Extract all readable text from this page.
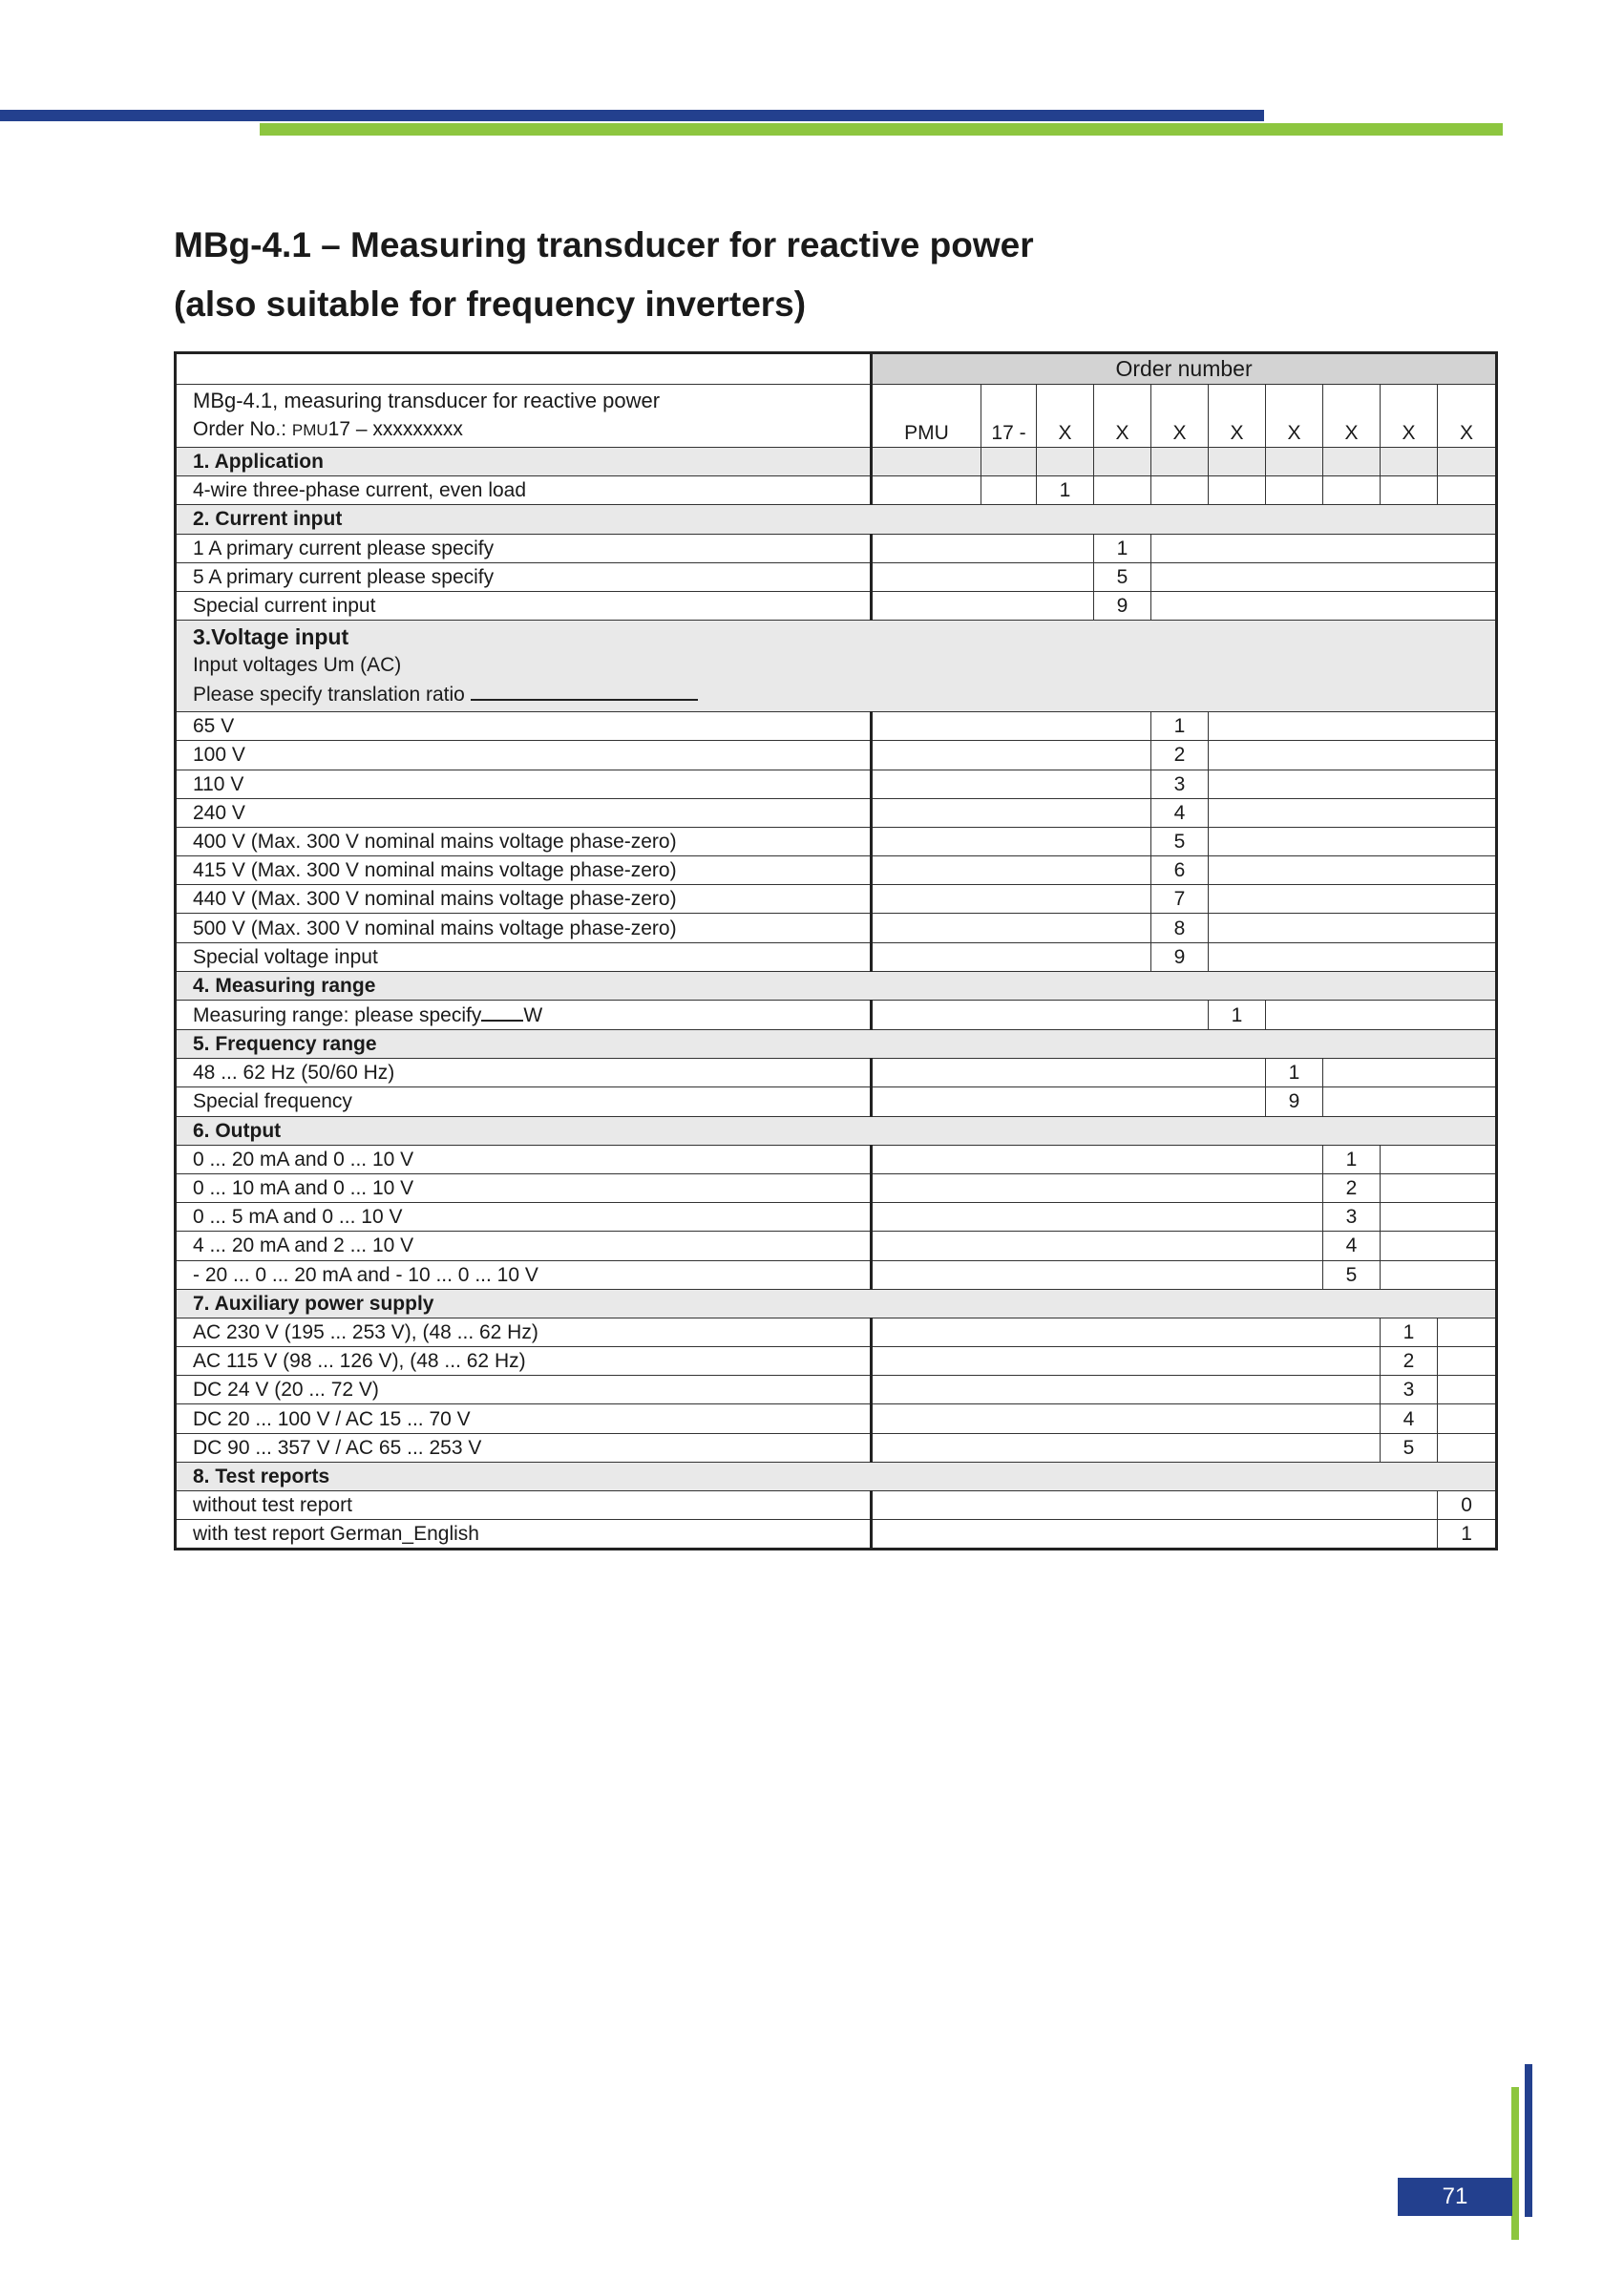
MBg-4.1 – Measuring transducer for reactive power
(also suitable for frequency inverters)
	Order number									

MBg-4.1, measuring transducer for reactive power
Order No.: PMU17 – xxxxxxxxx	PMU	17 -	X	X	X	X	X	X	X	X
1. Application										
4-wire three-phase current, even load			1							
2. Current input										
1 A primary current please specify				1						
5 A primary current please specify				5						
Special current input				9						

3.Voltage input
Input voltages Um (AC)
Please specify translation ratio										

65 V					1					
100 V					2					
110 V					3					
240 V					4					
400 V (Max. 300 V nominal mains voltage phase-zero)					5					
415 V (Max. 300 V nominal mains voltage phase-zero)					6					
440 V (Max. 300 V nominal mains voltage phase-zero)					7					
500 V (Max. 300 V nominal mains voltage phase-zero)					8					
Special voltage input					9					
4. Measuring range										
Measuring range: please specify W						1				
5. Frequency range										
48 ... 62 Hz (50/60 Hz)							1			
Special frequency							9			
6. Output										
0 ... 20 mA and 0 ... 10 V								1		
0 ... 10 mA and 0 ... 10 V								2		
0 ... 5 mA and 0 ... 10 V								3		
4 ... 20 mA and 2 ... 10 V								4		
- 20 ... 0 ... 20 mA and - 10 ... 0 ... 10 V								5		
7. Auxiliary power supply										
AC 230 V (195 ... 253 V), (48 ... 62 Hz)									1	
AC 115 V (98 ... 126 V), (48 ... 62 Hz)									2	
DC 24 V (20 ... 72 V)									3	
DC 20 ... 100 V / AC 15 ... 70 V									4	
DC 90 ... 357 V / AC 65 ... 253 V									5	
8. Test reports										
without test report										0
with test report German_English										1
71
